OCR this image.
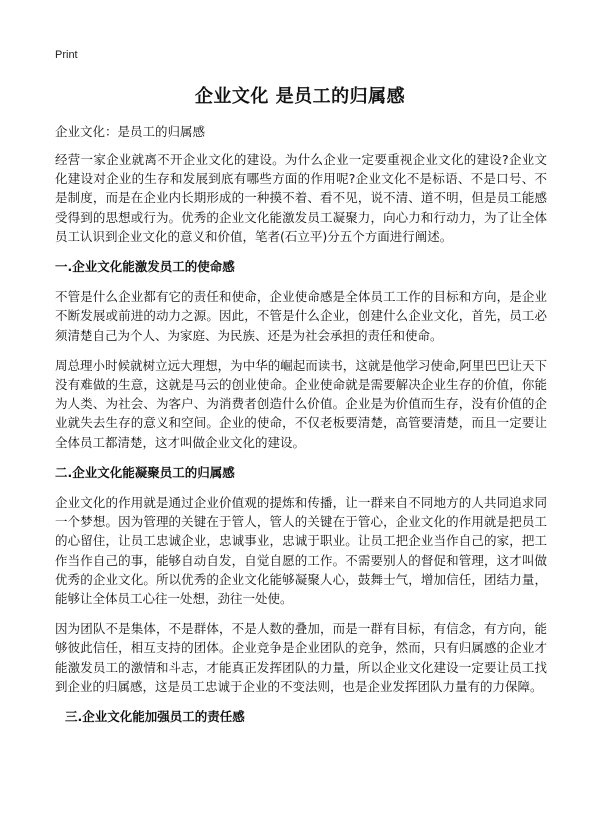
Print
企业文化 是员工的归属感
企业文化：是员工的归属感

经营一家企业就离不开企业文化的建设。为什么企业一定要重视企业文化的建设?企业文化建设对企业的生存和发展到底有哪些方面的作用呢?企业文化不是标语、不是口号、不是制度，而是在企业内长期形成的一种摸不着、看不见，说不清、道不明，但是员工能感受得到的思想或行为。优秀的企业文化能激发员工凝聚力，向心力和行动力，为了让全体员工认识到企业文化的意义和价值，笔者(石立平)分五个方面进行阐述。

一.企业文化能激发员工的使命感

不管是什么企业都有它的责任和使命，企业使命感是全体员工工作的目标和方向，是企业不断发展或前进的动力之源。因此，不管是什么企业，创建什么企业文化，首先，员工必须清楚自己为个人、为家庭、为民族、还是为社会承担的责任和使命。

周总理小时候就树立远大理想，为中华的崛起而读书，这就是他学习使命,阿里巴巴让天下没有难做的生意，这就是马云的创业使命。企业使命就是需要解决企业生存的价值，你能为人类、为社会、为客户、为消费者创造什么价值。企业是为价值而生存，没有价值的企业就失去生存的意义和空间。企业的使命，不仅老板要清楚，高管要清楚，而且一定要让全体员工都清楚，这才叫做企业文化的建设。

二.企业文化能凝聚员工的归属感

企业文化的作用就是通过企业价值观的提炼和传播，让一群来自不同地方的人共同追求同一个梦想。因为管理的关键在于管人，管人的关键在于管心，企业文化的作用就是把员工的心留住，让员工忠诚企业，忠诚事业，忠诚于职业。让员工把企业当作自己的家，把工作当作自己的事，能够自动自发，自觉自愿的工作。不需要别人的督促和管理，这才叫做优秀的企业文化。所以优秀的企业文化能够凝聚人心，鼓舞士气，增加信任，团结力量，能够让全体员工心往一处想，劲往一处使。

因为团队不是集体，不是群体，不是人数的叠加，而是一群有目标，有信念，有方向，能够彼此信任，相互支持的团体。企业竞争是企业团队的竞争，然而，只有归属感的企业才能激发员工的激情和斗志，才能真正发挥团队的力量，所以企业文化建设一定要让员工找到企业的归属感，这是员工忠诚于企业的不变法则，也是企业发挥团队力量有的力保障。

三.企业文化能加强员工的责任感
